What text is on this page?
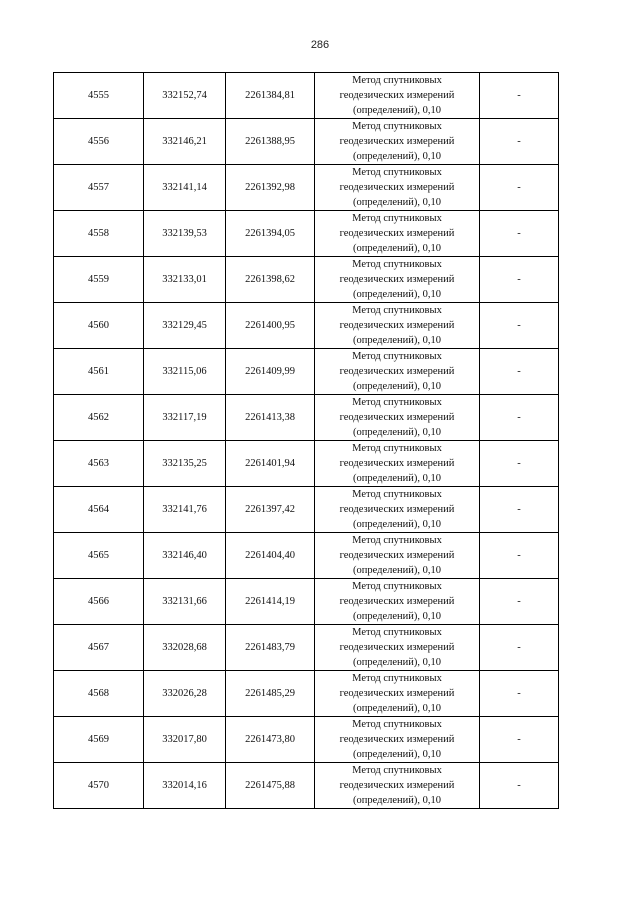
286
4555	332152,74	2261384,81	Метод спутниковых
геодезических измерений
(определений), 0,10	-
4556	332146,21	2261388,95	Метод спутниковых
геодезических измерений
(определений), 0,10	-
4557	332141,14	2261392,98	Метод спутниковых
геодезических измерений
(определений), 0,10	-
4558	332139,53	2261394,05	Метод спутниковых
геодезических измерений
(определений), 0,10	-
4559	332133,01	2261398,62	Метод спутниковых
геодезических измерений
(определений), 0,10	-
4560	332129,45	2261400,95	Метод спутниковых
геодезических измерений
(определений), 0,10	-
4561	332115,06	2261409,99	Метод спутниковых
геодезических измерений
(определений), 0,10	-
4562	332117,19	2261413,38	Метод спутниковых
геодезических измерений
(определений), 0,10	-
4563	332135,25	2261401,94	Метод спутниковых
геодезических измерений
(определений), 0,10	-
4564	332141,76	2261397,42	Метод спутниковых
геодезических измерений
(определений), 0,10	-
4565	332146,40	2261404,40	Метод спутниковых
геодезических измерений
(определений), 0,10	-
4566	332131,66	2261414,19	Метод спутниковых
геодезических измерений
(определений), 0,10	-
4567	332028,68	2261483,79	Метод спутниковых
геодезических измерений
(определений), 0,10	-
4568	332026,28	2261485,29	Метод спутниковых
геодезических измерений
(определений), 0,10	-
4569	332017,80	2261473,80	Метод спутниковых
геодезических измерений
(определений), 0,10	-
4570	332014,16	2261475,88	Метод спутниковых
геодезических измерений
(определений), 0,10	-
